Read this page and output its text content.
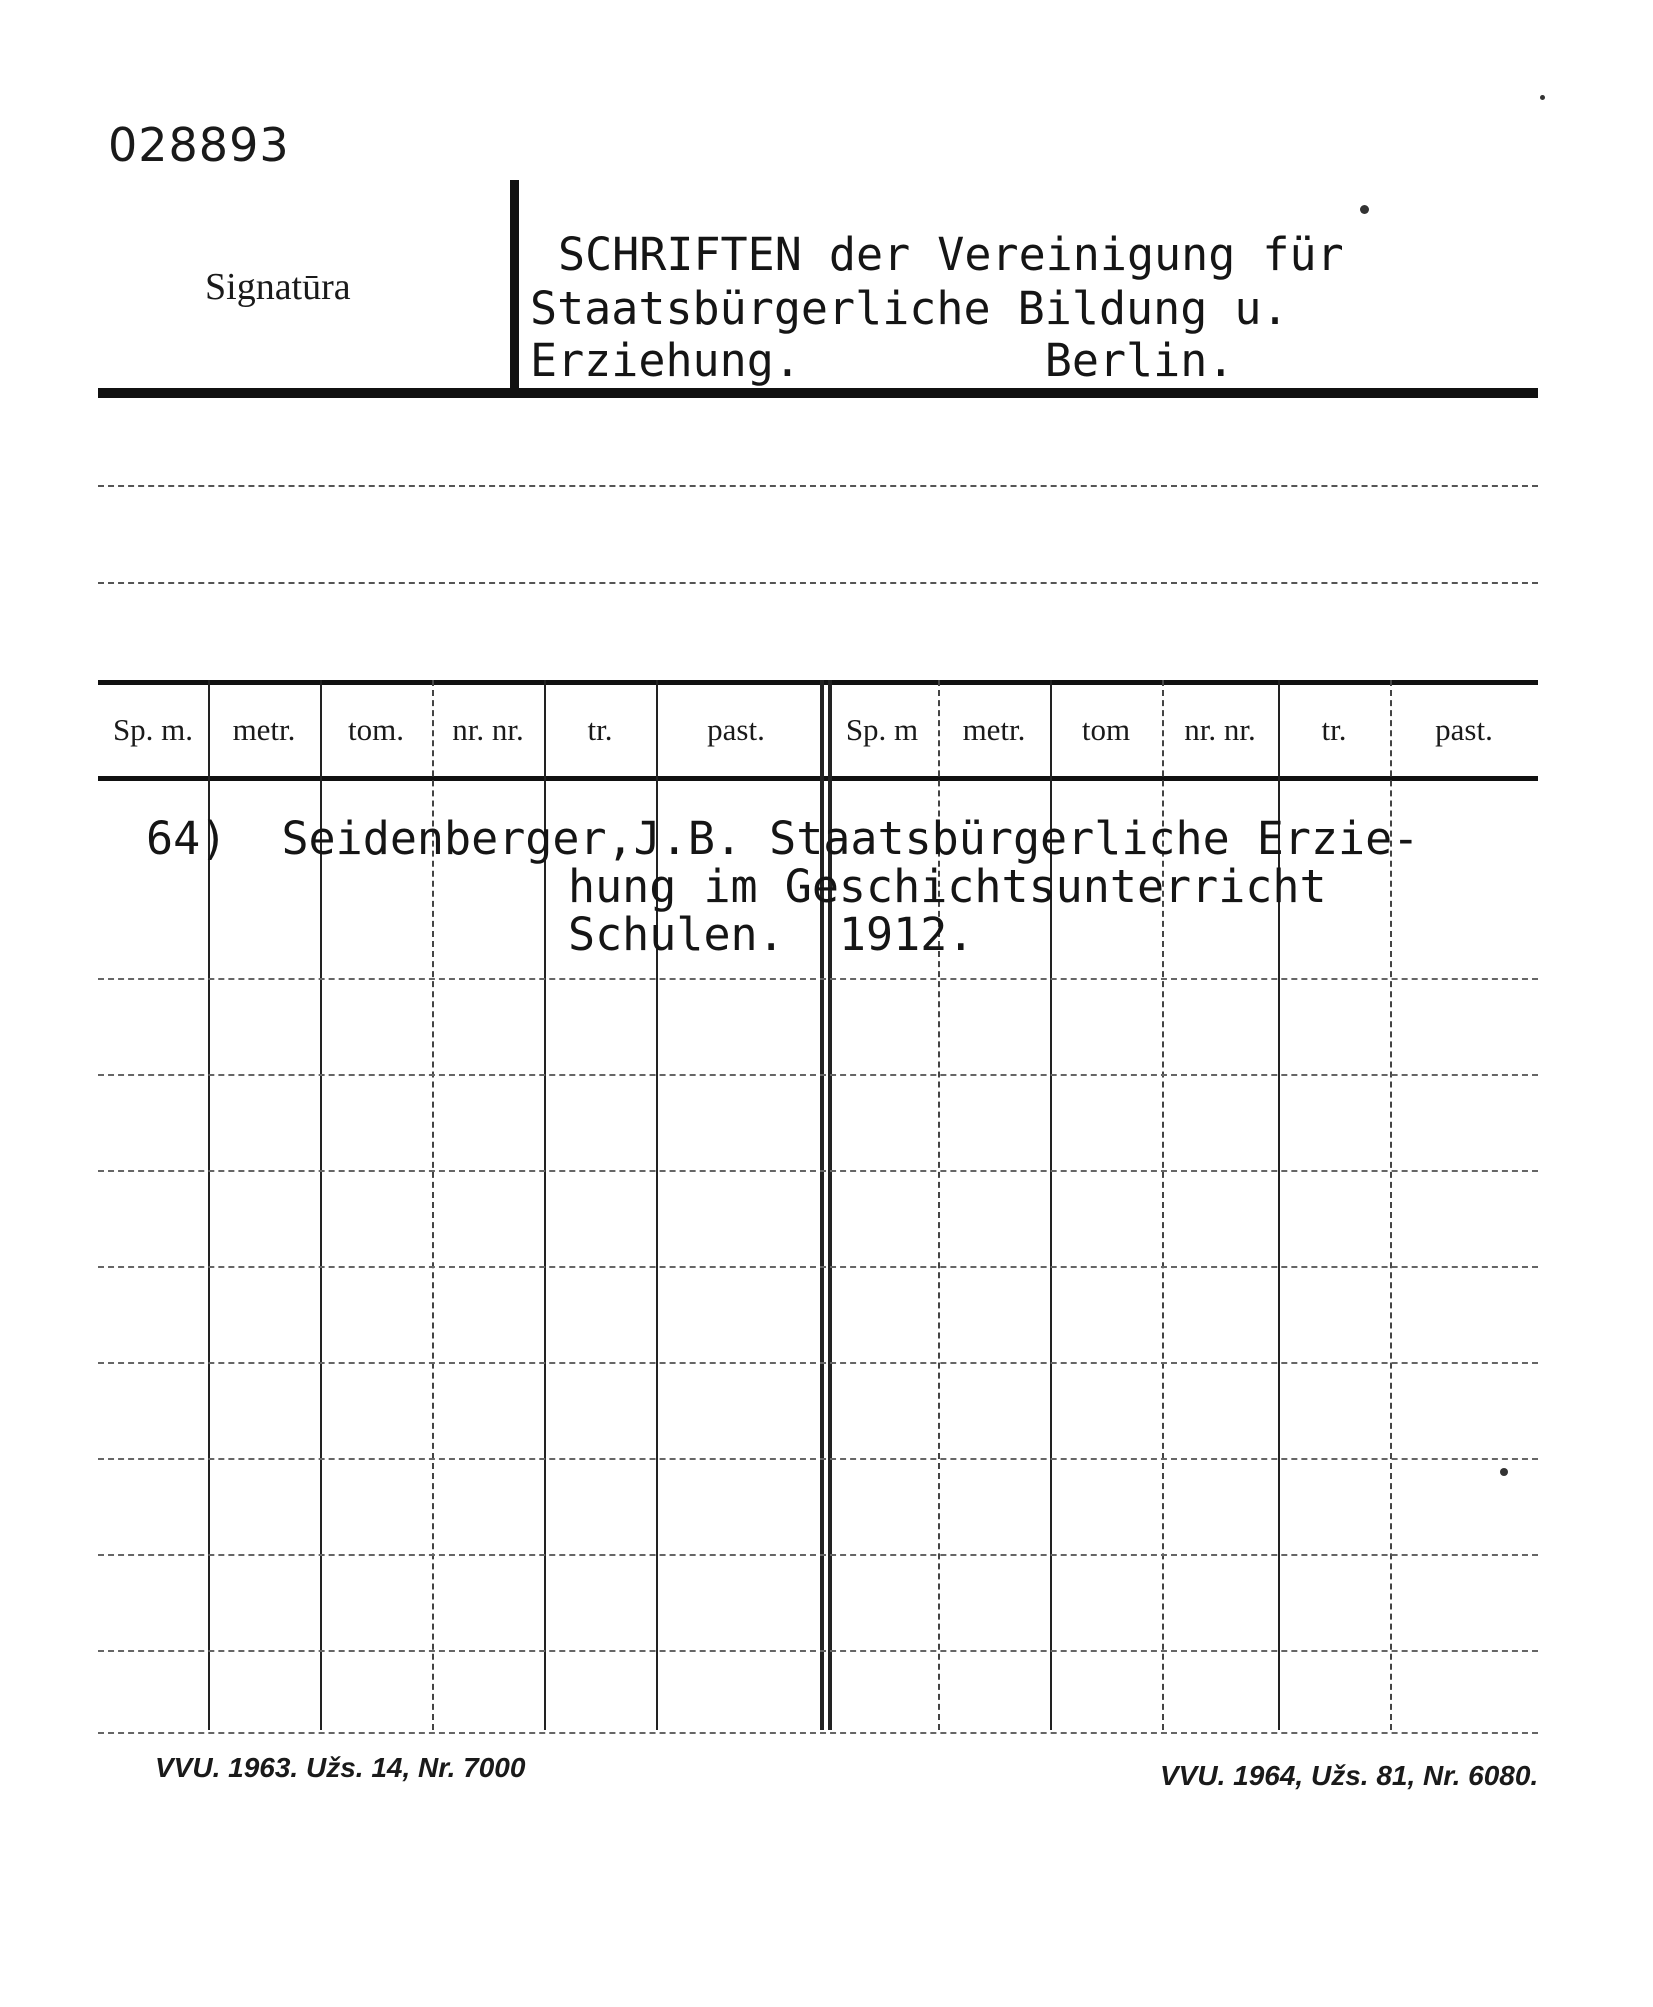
028893
Signatūra
SCHRIFTEN der Vereinigung für
Staatsbürgerliche Bildung u.
Erziehung.         Berlin.
Sp. m.	metr.	tom.	nr. nr.	tr.	past.	Sp. m	metr.	tom	nr. nr.	tr.	past.
64)  Seidenberger,J.B. Staatsbürgerliche Erzie-
hung im Geschichtsunterricht
Schulen.  1912.
VVU. 1963. Užs. 14, Nr. 7000	VVU. 1964, Užs. 81, Nr. 6080.
